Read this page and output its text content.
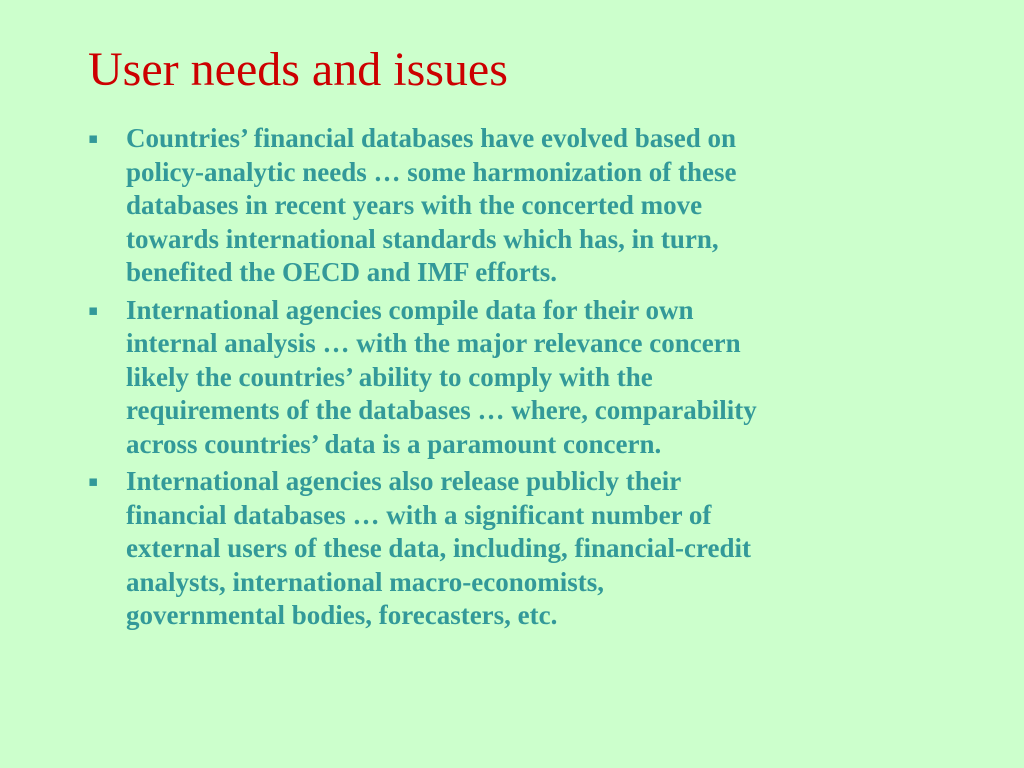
User needs and issues
▪	Countries’ financial databases have evolved based on
policy-analytic needs … some harmonization of these
databases in recent years with the concerted move
towards international standards which has, in turn,
benefited the OECD and IMF efforts.
▪	International agencies compile data for their own
internal analysis … with the major relevance concern
likely the countries’ ability to comply with the
requirements of the databases … where, comparability
across countries’ data is a paramount concern.
▪	International agencies also release publicly their
financial databases … with a significant number of
external users of these data, including, financial-credit
analysts, international macro-economists,
governmental bodies, forecasters, etc.
